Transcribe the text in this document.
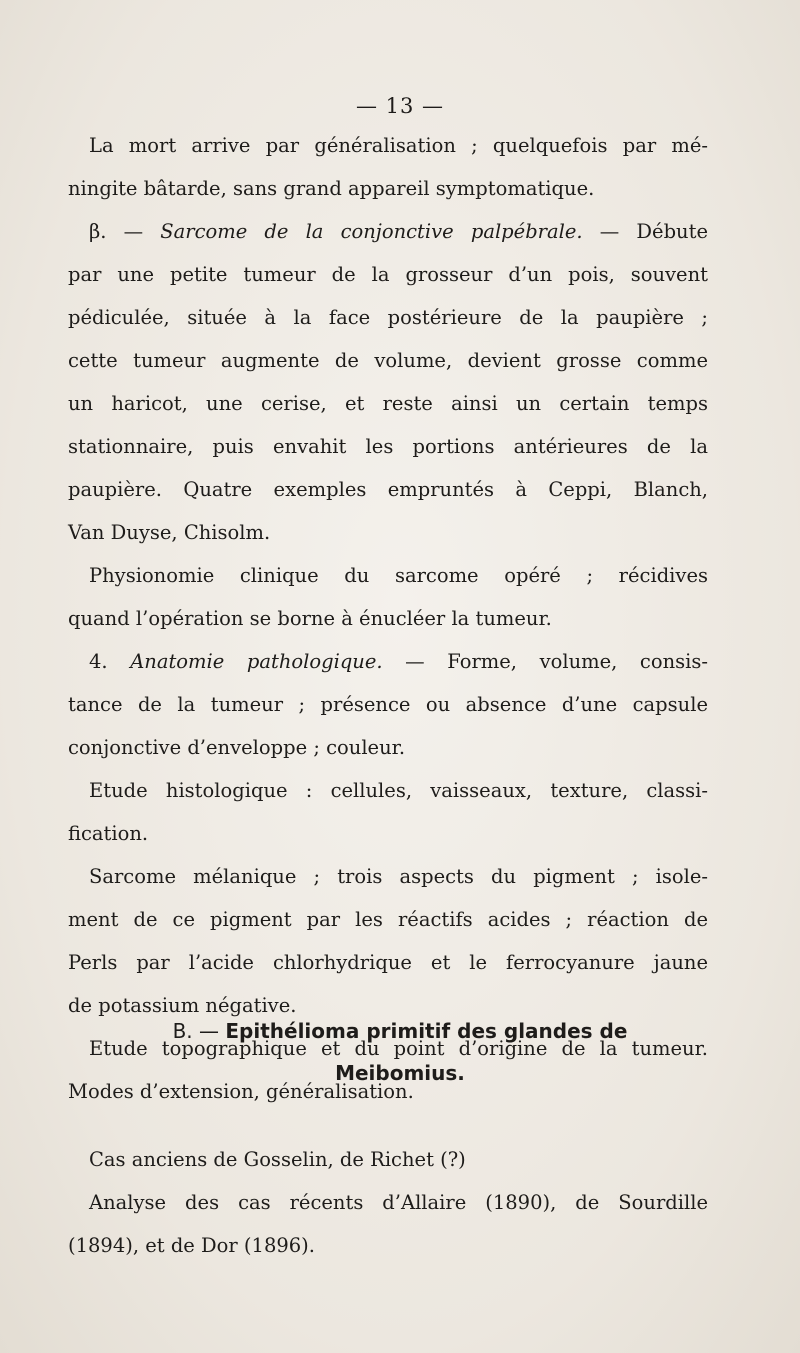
— 13 —
La mort arrive par généralisation ; quelquefois par mé-
ningite bâtarde, sans grand appareil symptomatique.
β. — Sarcome de la conjonctive palpébrale. — Débute
par une petite tumeur de la grosseur d’un pois, souvent
pédiculée, située à la face postérieure de la paupière ;
cette tumeur augmente de volume, devient grosse comme
un haricot, une cerise, et reste ainsi un certain temps
stationnaire, puis envahit les portions antérieures de la
paupière. Quatre exemples empruntés à Ceppi, Blanch,
Van Duyse, Chisolm.
Physionomie clinique du sarcome opéré ; récidives
quand l’opération se borne à énucléer la tumeur.
4. Anatomie pathologique. — Forme, volume, consis-
tance de la tumeur ; présence ou absence d’une capsule
conjonctive d’enveloppe ; couleur.
Etude histologique : cellules, vaisseaux, texture, classi-
fication.
Sarcome mélanique ; trois aspects du pigment ; isole-
ment de ce pigment par les réactifs acides ; réaction de
Perls par l’acide chlorhydrique et le ferrocyanure jaune
de potassium négative.
Etude topographique et du point d’origine de la tumeur.
Modes d’extension, généralisation.
B. — Epithélioma primitif des glandes de
Meibomius.
Cas anciens de Gosselin, de Richet (?)
Analyse des cas récents d’Allaire (1890), de Sourdille
(1894), et de Dor (1896).
